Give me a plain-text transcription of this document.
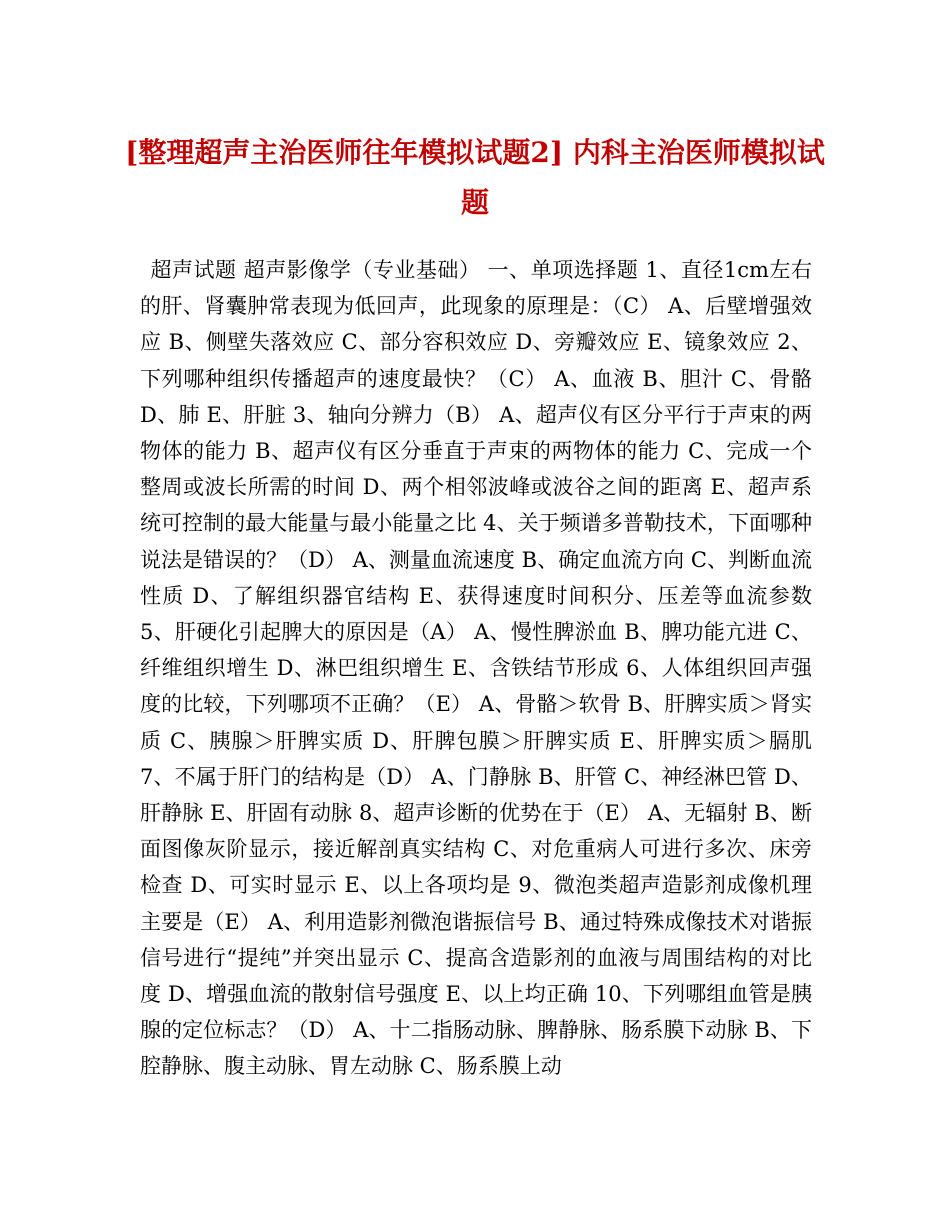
[整理超声主治医师往年模拟试题2] 内科主治医师模拟试题

超声试题 超声影像学（专业基础） 一、单项选择题 1、直径1cm左右的肝、肾囊肿常表现为低回声，此现象的原理是：（C） A、后壁增强效应 B、侧壁失落效应 C、部分容积效应 D、旁瓣效应 E、镜象效应 2、下列哪种组织传播超声的速度最快？（C） A、血液 B、胆汁 C、骨骼 D、肺 E、肝脏 3、轴向分辨力（B） A、超声仪有区分平行于声束的两物体的能力 B、超声仪有区分垂直于声束的两物体的能力 C、完成一个整周或波长所需的时间 D、两个相邻波峰或波谷之间的距离 E、超声系统可控制的最大能量与最小能量之比 4、关于频谱多普勒技术，下面哪种说法是错误的？（D） A、测量血流速度 B、确定血流方向 C、判断血流性质 D、了解组织器官结构 E、获得速度时间积分、压差等血流参数 5、肝硬化引起脾大的原因是（A） A、慢性脾淤血 B、脾功能亢进 C、纤维组织增生 D、淋巴组织增生 E、含铁结节形成 6、人体组织回声强度的比较，下列哪项不正确？（E） A、骨骼＞软骨 B、肝脾实质＞肾实质 C、胰腺＞肝脾实质 D、肝脾包膜＞肝脾实质 E、肝脾实质＞膈肌 7、不属于肝门的结构是（D） A、门静脉 B、肝管 C、神经淋巴管 D、肝静脉 E、肝固有动脉 8、超声诊断的优势在于（E） A、无辐射 B、断面图像灰阶显示，接近解剖真实结构 C、对危重病人可进行多次、床旁检查 D、可实时显示 E、以上各项均是 9、微泡类超声造影剂成像机理主要是（E） A、利用造影剂微泡谐振信号 B、通过特殊成像技术对谐振信号进行“提纯”并突出显示 C、提高含造影剂的血液与周围结构的对比度 D、增强血流的散射信号强度 E、以上均正确 10、下列哪组血管是胰腺的定位标志？（D） A、十二指肠动脉、脾静脉、肠系膜下动脉 B、下腔静脉、腹主动脉、胃左动脉 C、肠系膜上动
